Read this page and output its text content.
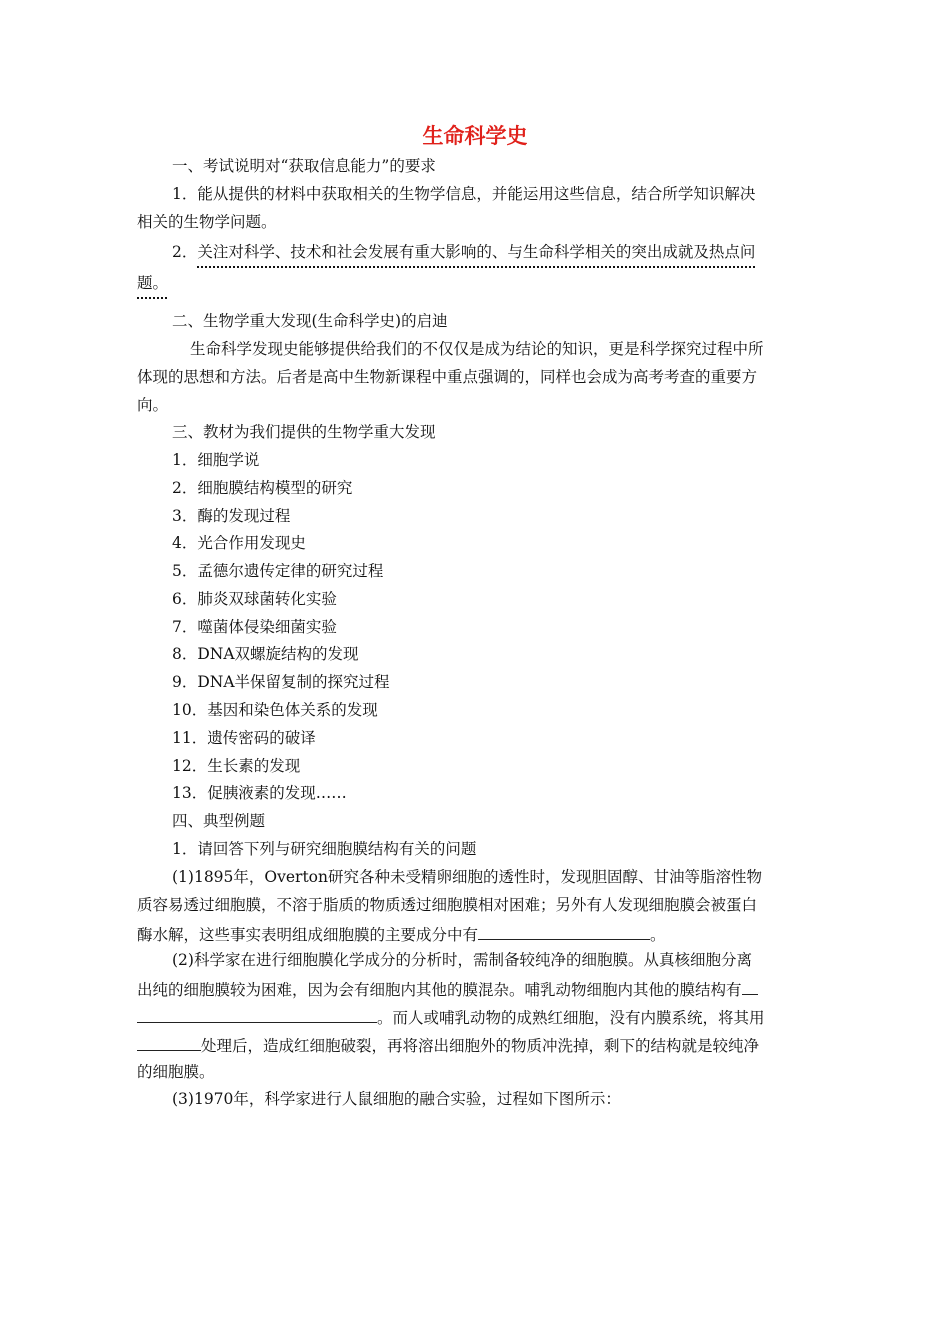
生命科学史
一、考试说明对“获取信息能力”的要求
1．能从提供的材料中获取相关的生物学信息，并能运用这些信息，结合所学知识解决
相关的生物学问题。
2．关注对科学、技术和社会发展有重大影响的、与生命科学相关的突出成就及热点问
题。
二、生物学重大发现(生命科学史)的启迪
生命科学发现史能够提供给我们的不仅仅是成为结论的知识，更是科学探究过程中所
体现的思想和方法。后者是高中生物新课程中重点强调的，同样也会成为高考考查的重要方
向。
三、教材为我们提供的生物学重大发现
1．细胞学说
2．细胞膜结构模型的研究
3．酶的发现过程
4．光合作用发现史
5．孟德尔遗传定律的研究过程
6．肺炎双球菌转化实验
7．噬菌体侵染细菌实验
8．DNA双螺旋结构的发现
9．DNA半保留复制的探究过程
10．基因和染色体关系的发现
11．遗传密码的破译
12．生长素的发现
13．促胰液素的发现……
四、典型例题
1．请回答下列与研究细胞膜结构有关的问题
(1)1895年，Overton研究各种未受精卵细胞的透性时，发现胆固醇、甘油等脂溶性物
质容易透过细胞膜，不溶于脂质的物质透过细胞膜相对困难；另外有人发现细胞膜会被蛋白
酶水解，这些事实表明组成细胞膜的主要成分中有	。
(2)科学家在进行细胞膜化学成分的分析时，需制备较纯净的细胞膜。从真核细胞分离
出纯的细胞膜较为困难，因为会有细胞内其他的膜混杂。哺乳动物细胞内其他的膜结构有
。而人或哺乳动物的成熟红细胞，没有内膜系统，将其用
处理后，造成红细胞破裂，再将溶出细胞外的物质冲洗掉，剩下的结构就是较纯净
的细胞膜。
(3)1970年，科学家进行人鼠细胞的融合实验，过程如下图所示：
